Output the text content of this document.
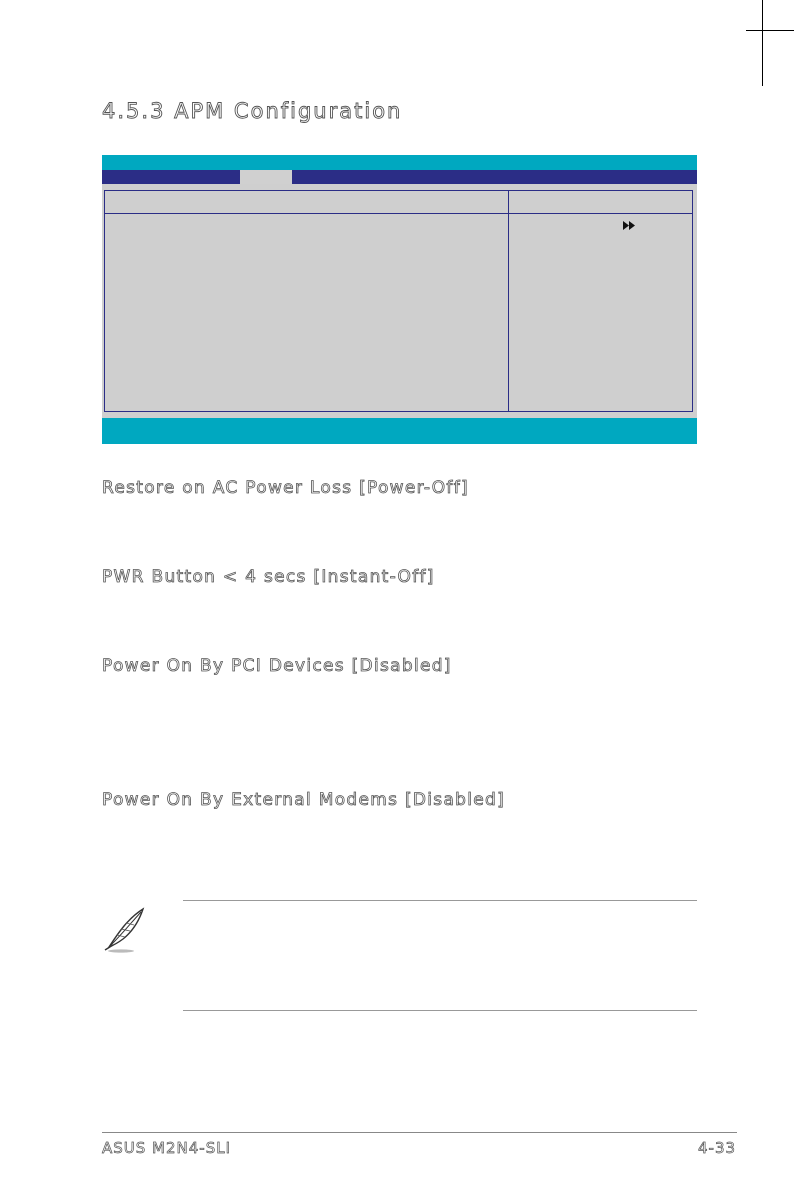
4.5.3 APM Configuration
Restore on AC Power Loss [Power-Off]
PWR Button < 4 secs [Instant-Off]
Power On By PCI Devices [Disabled]
Power On By External Modems [Disabled]
ASUS M2N4-SLI	4-33
